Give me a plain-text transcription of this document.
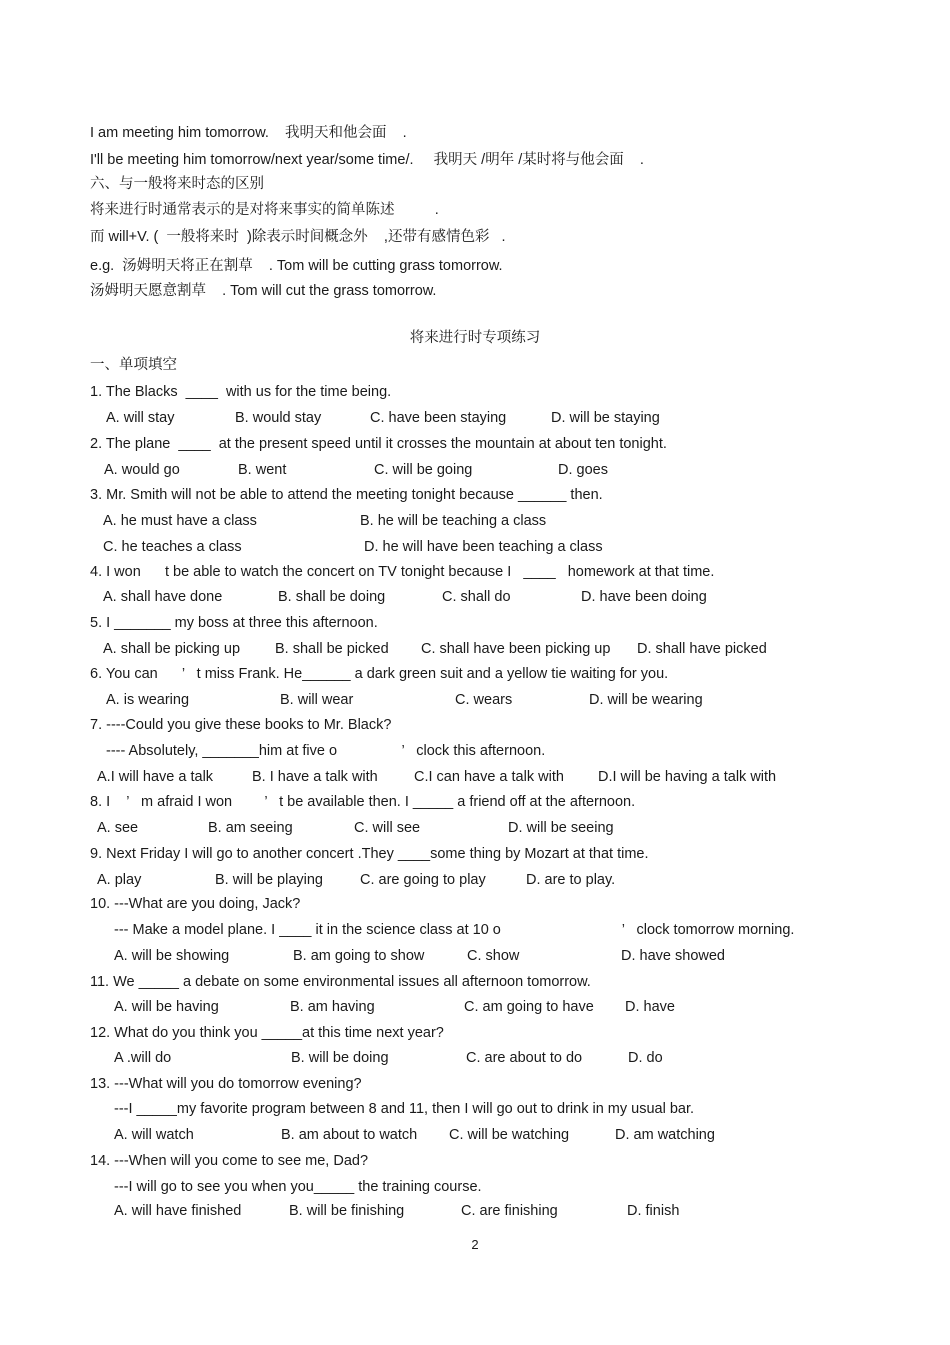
I am meeting him tomorrow.    我明天和他会面    .
I'll be meeting him tomorrow/next year/some time/.     我明天 /明年 /某时将与他会面    .
六、与一般将来时态的区别
将来进行时通常表示的是对将来事实的简单陈述          .
而 will+V. (  一般将来时  )除表示时间概念外    ,还带有感情色彩   .
e.g.  汤姆明天将正在割草    . Tom will be cutting grass tomorrow.
汤姆明天愿意割草    . Tom will cut the grass tomorrow.
将来进行时专项练习
一、单项填空
1. The Blacks  ____  with us for the time being.
A. will stay	B. would stay	C. have been staying	D. will be staying
2. The plane  ____  at the present speed until it crosses the mountain at about ten tonight.
A. would go	B. went	C. will be going	D. goes
3. Mr. Smith will not be able to attend the meeting tonight because ______ then.
A. he must have a class	B. he will be teaching a class
C. he teaches a class	D. he will have been teaching a class
4. I won      t be able to watch the concert on TV tonight because I   ____   homework at that time.
A. shall have done	B. shall be doing	C. shall do	D. have been doing
5. I _______ my boss at three this afternoon.
A. shall be picking up B. shall be picked C. shall have been picking up D. shall have picked
6. You can      ’   t miss Frank. He______ a dark green suit and a yellow tie waiting for you.
A. is wearing	B. will wear	C. wears	D. will be wearing
7. ----Could you give these books to Mr. Black?
---- Absolutely, _______him at five o                ’   clock this afternoon.
A.I will have a talk	B. I have a talk with	C.I can have a talk with D.I will be having a talk with
8. I    ’   m afraid I won        ’   t be available then. I _____ a friend off at the afternoon.
A. see	B. am seeing	C. will see	D. will be seeing
9. Next Friday I will go to another concert .They ____some thing by Mozart at that time.
A. play	B. will be playing	C. are going to play	D. are to play.
10. ---What are you doing, Jack?
--- Make a model plane. I ____ it in the science class at 10 o                              ’   clock tomorrow morning.
A. will be showing	B. am going to show	C. show	D. have showed
11. We _____ a debate on some environmental issues all afternoon tomorrow.
A. will be having	B. am having	C. am going to have D. have
12. What do you think you _____at this time next year?
A .will do	B. will be doing	C. are about to do	D. do
13. ---What will you do tomorrow evening?
---I _____my favorite program between 8 and 11, then I will go out to drink in my usual bar.
A. will watch	B. am about to watch C. will be watching	D. am watching
14. ---When will you come to see me, Dad?
---I will go to see you when you_____ the training course.
A. will have finished	B. will be finishing	C. are finishing	D. finish
2
